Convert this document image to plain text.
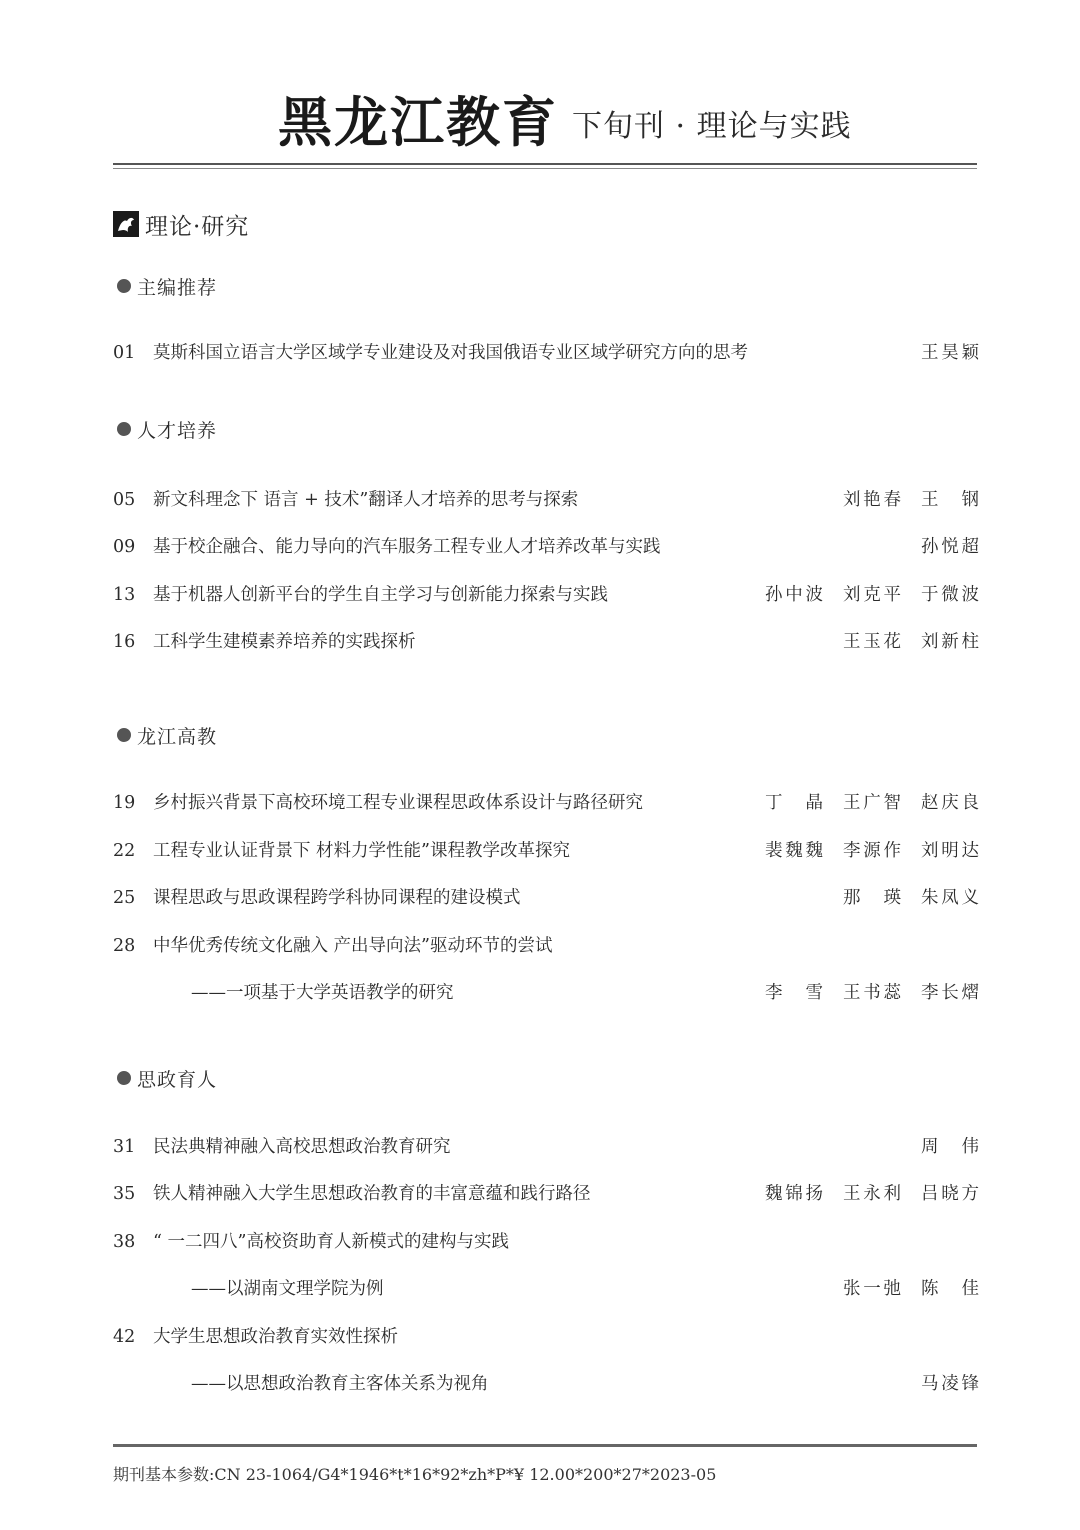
黑龙江教育 下旬刊 · 理论与实践
理论·研究
主编推荐
人才培养
龙江高教
思政育人
01	莫斯科国立语言大学区域学专业建设及对我国俄语专业区域学研究方向的思考	王昊颖
05	新文科理念下 语言 + 技术”翻译人才培养的思考与探索	刘艳春 王　钢
09	基于校企融合、能力导向的汽车服务工程专业人才培养改革与实践	孙悦超
13	基于机器人创新平台的学生自主学习与创新能力探索与实践	孙中波 刘克平 于微波
16	工科学生建模素养培养的实践探析	王玉花 刘新柱
19	乡村振兴背景下高校环境工程专业课程思政体系设计与路径研究	丁　晶 王广智 赵庆良
22	工程专业认证背景下 材料力学性能”课程教学改革探究	裴魏魏 李源作 刘明达
25	课程思政与思政课程跨学科协同课程的建设模式	那　瑛 朱凤义
28	中华优秀传统文化融入 产出导向法”驱动环节的尝试
——一项基于大学英语教学的研究	李　雪 王书蕊 李长熠
31	民法典精神融入高校思想政治教育研究	周　伟
35	铁人精神融入大学生思想政治教育的丰富意蕴和践行路径	魏锦扬 王永利 吕晓方
38	“ 一二四八”高校资助育人新模式的建构与实践
——以湖南文理学院为例	张一弛 陈　佳
42	大学生思想政治教育实效性探析
——以思想政治教育主客体关系为视角	马凌锋
期刊基本参数:CN 23-1064/G4*1946*t*16*92*zh*P*¥ 12.00*200*27*2023-05
